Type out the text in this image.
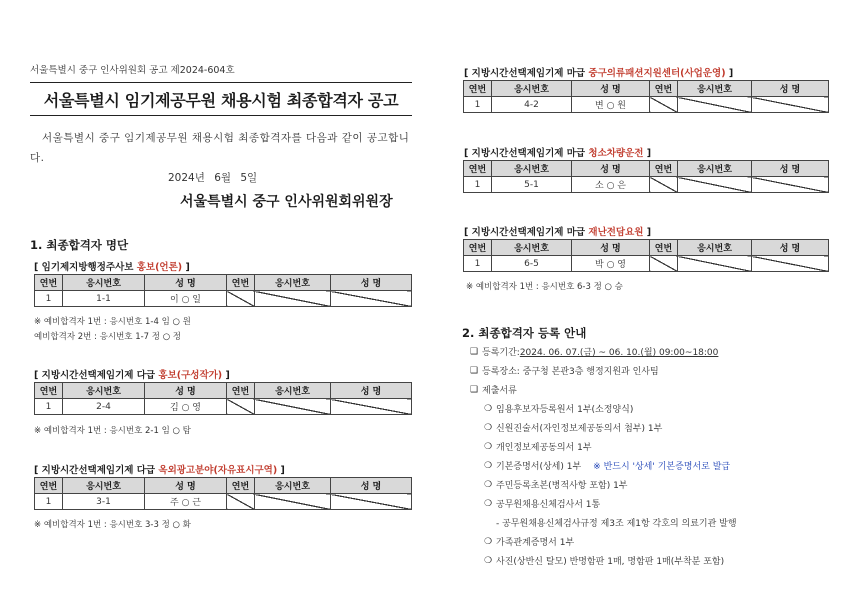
서울특별시 중구 인사위원회 공고 제2024-604호
서울특별시 임기제공무원 채용시험 최종합격자 공고
서울특별시 중구 임기제공무원 채용시험 최종합격자를 다음과 같이 공고합니다.
2024년 6월 5일
서울특별시 중구 인사위원회위원장
1. 최종합격자 명단
[ 임기제지방행정주사보 홍보(언론) ]
연번	응시번호	성 명	연번	응시번호	성 명
1	1-1	이 ○ 일			
※ 예비합격자 1번 : 응시번호 1-4 임 ○ 원
예비합격자 2번 : 응시번호 1-7 정 ○ 정
[ 지방시간선택제임기제 다급 홍보(구성작가) ]
연번	응시번호	성 명	연번	응시번호	성 명
1	2-4	김 ○ 영			
※ 예비합격자 1번 : 응시번호 2-1 임 ○ 탐
[ 지방시간선택제임기제 다급 옥외광고분야(자유표시구역) ]
연번	응시번호	성 명	연번	응시번호	성 명
1	3-1	주 ○ 근			
※ 예비합격자 1번 : 응시번호 3-3 정 ○ 화
[ 지방시간선택제임기제 마급 중구의류패션지원센터(사업운영) ]
연번	응시번호	성 명	연번	응시번호	성 명
1	4-2	변 ○ 원			
[ 지방시간선택제임기제 마급 청소차량운전 ]
연번	응시번호	성 명	연번	응시번호	성 명
1	5-1	소 ○ 은			
[ 지방시간선택제임기제 마급 재난전담요원 ]
연번	응시번호	성 명	연번	응시번호	성 명
1	6-5	박 ○ 영			
※ 예비합격자 1번 : 응시번호 6-3 정 ○ 승
2. 최종합격자 등록 안내
❑ 등록기간: 2024. 06. 07.(금) ~ 06. 10.(월) 09:00~18:00
❑ 등록장소: 중구청 본관3층 행정지원과 인사팀
❑ 제출서류
❍ 임용후보자등록원서 1부(소정양식)
❍ 신원진술서(자인정보제공동의서 첨부) 1부
❍ 개인정보제공동의서 1부
❍ 기본증명서(상세) 1부 ※ 반드시 '상세' 기본증명서로 발급
❍ 주민등록초본(병적사항 포함) 1부
❍ 공무원채용신체검사서 1통
- 공무원채용신체검사규정 제3조 제1항 각호의 의료기관 발행
❍ 가족관계증명서 1부
❍ 사진(상반신 탈모) 반명함판 1매, 명함판 1매(부착분 포함)
